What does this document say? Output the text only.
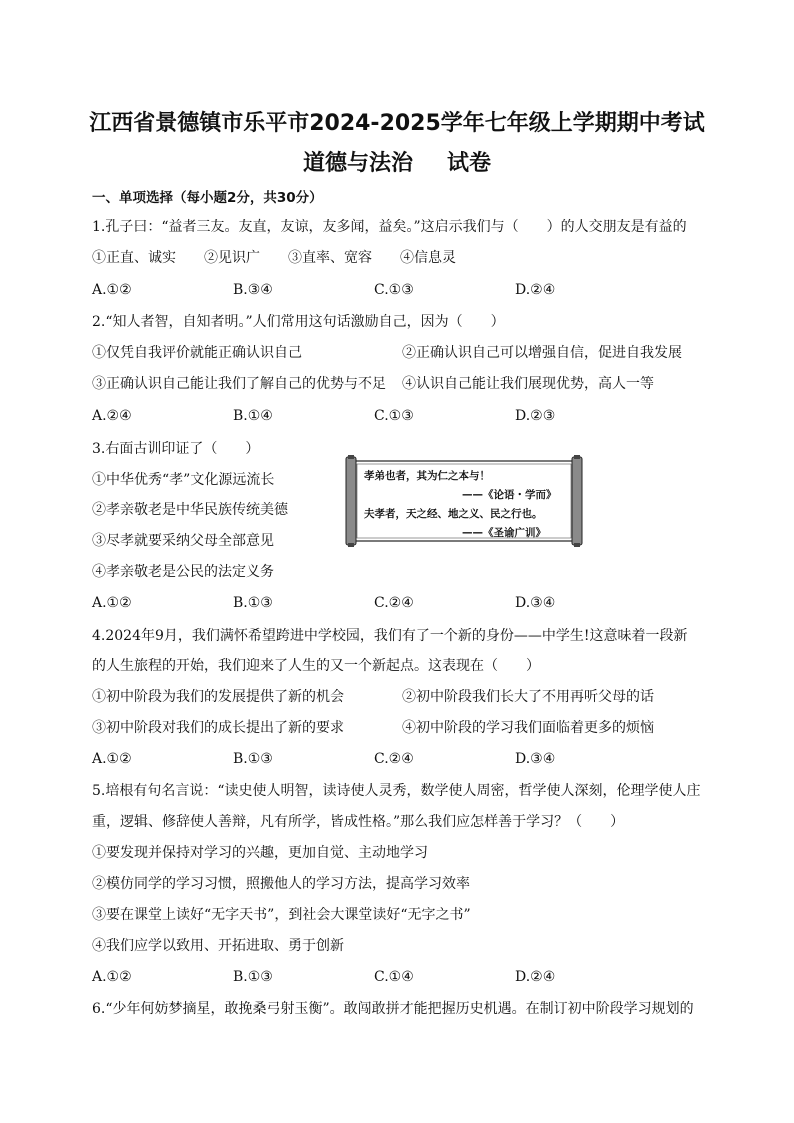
江西省景德镇市乐平市2024-2025学年七年级上学期期中考试
道德与法治 试卷
一、单项选择（每小题2分，共30分）
1.孔子曰：“益者三友。友直，友谅，友多闻，益矣。”这启示我们与（　　）的人交朋友是有益的
①正直、诚实　　②见识广　　③直率、宽容　　④信息灵
A.①②	B.③④	C.①③	D.②④
2.“知人者智，自知者明。”人们常用这句话激励自己，因为（　　）
①仅凭自我评价就能正确认识自己	②正确认识自己可以增强自信，促进自我发展
③正确认识自己能让我们了解自己的优势与不足 ④认识自己能让我们展现优势，高人一等
A.②④	B.①④	C.①③	D.②③
3.右面古训印证了（　　）
①中华优秀“孝”文化源远流长
②孝亲敬老是中华民族传统美德
③尽孝就要采纳父母全部意见
④孝亲敬老是公民的法定义务
孝弟也者，其为仁之本与！
——《论语・学而》
夫孝者，天之经、地之义、民之行也。
——《圣谕广训》
A.①②	B.①③	C.②④	D.③④
4.2024年9月，我们满怀希望跨进中学校园，我们有了一个新的身份——中学生!这意味着一段新
的人生旅程的开始，我们迎来了人生的又一个新起点。这表现在（　　）
①初中阶段为我们的发展提供了新的机会	②初中阶段我们长大了不用再听父母的话
③初中阶段对我们的成长提出了新的要求	④初中阶段的学习我们面临着更多的烦恼
A.①②	B.①③	C.②④	D.③④
5.培根有句名言说：“读史使人明智，读诗使人灵秀，数学使人周密，哲学使人深刻，伦理学使人庄
重，逻辑、修辞使人善辩，凡有所学，皆成性格。”那么我们应怎样善于学习？（　　）
①要发现并保持对学习的兴趣，更加自觉、主动地学习
②模仿同学的学习习惯，照搬他人的学习方法，提高学习效率
③要在课堂上读好“无字天书”，到社会大课堂读好“无字之书”
④我们应学以致用、开拓进取、勇于创新
A.①②	B.①③	C.①④	D.②④
6.“少年何妨梦摘星，敢挽桑弓射玉衡”。敢闯敢拼才能把握历史机遇。在制订初中阶段学习规划的
